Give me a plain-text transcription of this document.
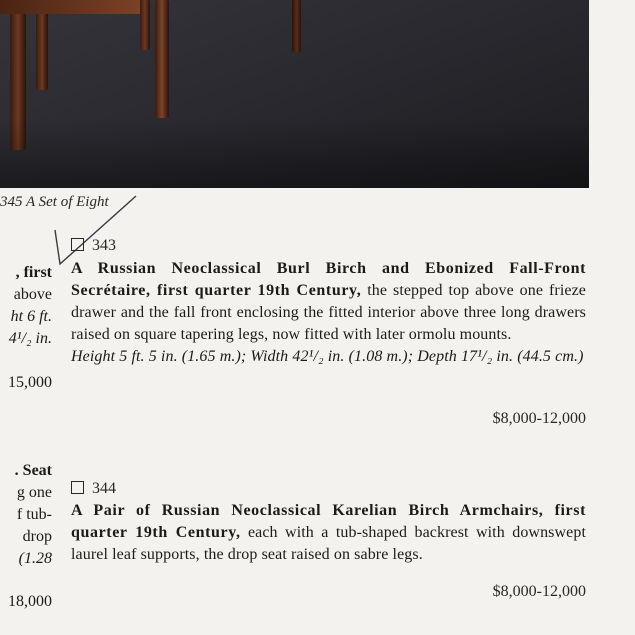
345 A Set of Eight
, first
above
ht 6 ft.
4¹/₂ in.
15,000
. Seat
g one
f tub-
drop
(1.28
18,000
343
A Russian Neoclassical Burl Birch and Ebonized Fall-Front Secrétaire, first quarter 19th Century, the stepped top above one frieze drawer and the fall front enclosing the fitted interior above three long drawers raised on square tapering legs, now fitted with later ormolu mounts.
Height 5 ft. 5 in. (1.65 m.); Width 42¹/₂ in. (1.08 m.); Depth 17¹/₂ in. (44.5 cm.)
$8,000-12,000
344
A Pair of Russian Neoclassical Karelian Birch Armchairs, first quarter 19th Century, each with a tub-shaped backrest with downswept laurel leaf supports, the drop seat raised on sabre legs.
$8,000-12,000
